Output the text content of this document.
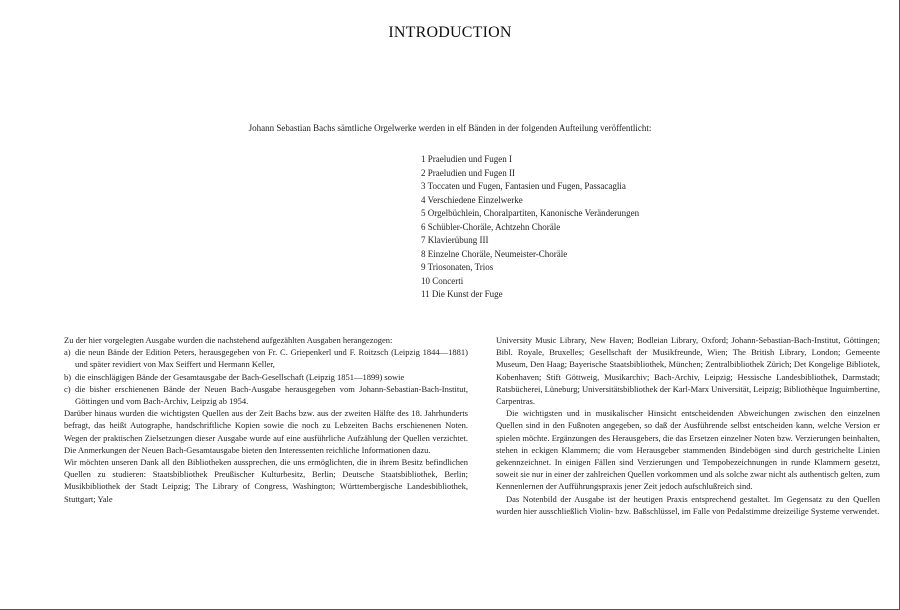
INTRODUCTION
Johann Sebastian Bachs sämtliche Orgelwerke werden in elf Bänden in der folgenden Aufteilung veröffentlicht:
1 Praeludien und Fugen I
2 Praeludien und Fugen II
3 Toccaten und Fugen, Fantasien und Fugen, Passacaglia
4 Verschiedene Einzelwerke
5 Orgelbüchlein, Choralpartiten, Kanonische Veränderungen
6 Schübler-Choräle, Achtzehn Choräle
7 Klavierübung III
8 Einzelne Choräle, Neumeister-Choräle
9 Triosonaten, Trios
10 Concerti
11 Die Kunst der Fuge

Zu der hier vorgelegten Ausgabe wurden die nachstehend aufgezählten Ausgaben herangezogen:

a) die neun Bände der Edition Peters, herausgegeben von Fr. C. Griepenkerl und F. Roitzsch (Leipzig 1844—1881) und später revidiert von Max Seiffert und Hermann Keller,
b) die einschlägigen Bände der Gesamtausgabe der Bach-Gesellschaft (Leipzig 1851—1899) sowie
c) die bisher erschienenen Bände der Neuen Bach-Ausgabe herausgegeben vom Johann-Sebastian-Bach-Institut, Göttingen und vom Bach-Archiv, Leipzig ab 1954.

Darüber hinaus wurden die wichtigsten Quellen aus der Zeit Bachs bzw. aus der zweiten Hälfte des 18. Jahrhunderts befragt, das heißt Autographe, handschriftliche Kopien sowie die noch zu Lebzeiten Bachs erschienenen Noten. Wegen der praktischen Zielsetzungen dieser Ausgabe wurde auf eine ausführliche Aufzählung der Quellen verzichtet. Die Anmerkungen der Neuen Bach-Gesamtausgabe bieten den Interessenten reichliche Informationen dazu.

Wir möchten unseren Dank all den Bibliotheken aussprechen, die uns ermöglichten, die in ihrem Besitz befindlichen Quellen zu studieren: Staatsbibliothek Preußischer Kulturbesitz, Berlin; Deutsche Staatsbibliothek, Berlin; Musikbibliothek der Stadt Leipzig; The Library of Congress, Washington; Württembergische Landesbibliothek, Stuttgart; Yale

University Music Library, New Haven; Bodleian Library, Oxford; Johann-Sebastian-Bach-Institut, Göttingen; Bibl. Royale, Bruxelles; Gesellschaft der Musikfreunde, Wien; The British Library, London; Gemeente Museum, Den Haag; Bayerische Staatsbibliothek, München; Zentralbibliothek Zürich; Det Kongelige Bibliotek, Kobenhaven; Stift Göttweig, Musikarchiv; Bach-Archiv, Leipzig; Hessische Landesbibliothek, Darmstadt; Ratsbücherei, Lüneburg; Universitätsbibliothek der Karl-Marx Universität, Leipzig; Bibliothèque Inguimbertine, Carpentras.

Die wichtigsten und in musikalischer Hinsicht entscheidenden Abweichungen zwischen den einzelnen Quellen sind in den Fußnoten angegeben, so daß der Ausführende selbst entscheiden kann, welche Version er spielen möchte. Ergänzungen des Herausgebers, die das Ersetzen einzelner Noten bzw. Verzierungen beinhalten, stehen in eckigen Klammern; die vom Herausgeber stammenden Bindebögen sind durch gestrichelte Linien gekennzeichnet. In einigen Fällen sind Verzierungen und Tempobezeichnungen in runde Klammern gesetzt, soweit sie nur in einer der zahlreichen Quellen vorkommen und als solche zwar nicht als authentisch gelten, zum Kennenlernen der Aufführungspraxis jener Zeit jedoch aufschlußreich sind.

Das Notenbild der Ausgabe ist der heutigen Praxis entsprechend gestaltet. Im Gegensatz zu den Quellen wurden hier ausschließlich Violin- bzw. Baßschlüssel, im Falle von Pedalstimme dreizeilige Systeme verwendet.
